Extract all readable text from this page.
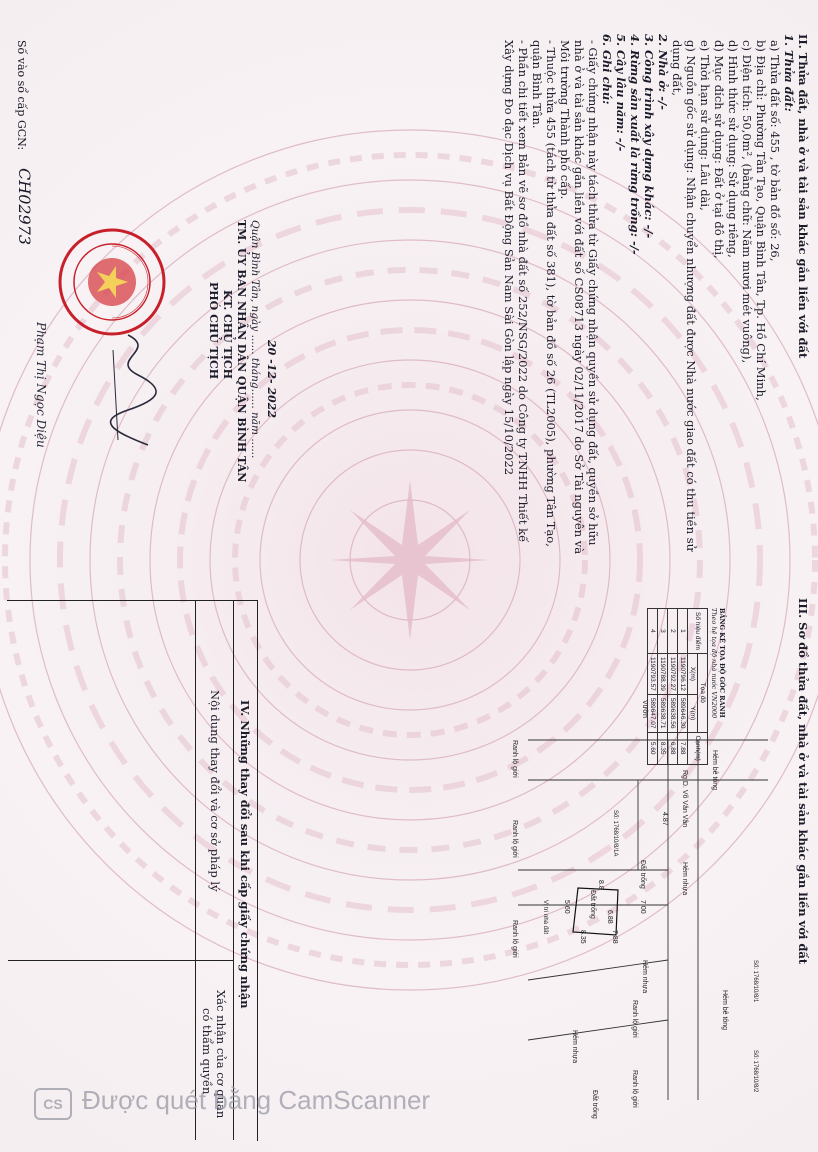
II. Thửa đất, nhà ở và tài sản khác gắn liền với đất
1. Thửa đất:
a) Thửa đất số: 455 , tờ bản đồ số: 26,
b) Địa chỉ: Phường Tân Tạo, Quận Bình Tân, Tp. Hồ Chí Minh,
c) Diện tích: 50,0m², (bằng chữ: Năm mươi mét vuông),
d) Hình thức sử dụng: Sử dụng riêng,
đ) Mục đích sử dụng: Đất ở tại đô thị,
e) Thời hạn sử dụng: Lâu dài,
g) Nguồn gốc sử dụng: Nhận chuyển nhượng đất được Nhà nước giao đất có thu tiền sử
dụng đất,
2. Nhà ở: -/-
3. Công trình xây dựng khác: -/-
4. Rừng sản xuất là rừng trồng: -/-
5. Cây lâu năm: -/-
6. Ghi chú:
- Giấy chứng nhận này tách thửa từ Giấy chứng nhận quyền sử dụng đất, quyền sở hữu
nhà ở và tài sản khác gắn liền với đất số CS08713 ngày 02/11/2017 do Sở Tài nguyên và
Môi trường Thành phố cấp.
- Thuộc thửa 455 (tách từ thửa đất số 381), tờ bản đồ số 26 (TL2005), phường Tân Tạo,
quận Bình Tân.
- Phần chi tiết xem Bản vẽ sơ đồ nhà đất số 252/NSG/2022 do Công ty TNHH Thiết kế
Xây dựng Đo đạc Dịch vụ Bất Động Sản Nam Sài Gòn lập ngày 15/10/2022
20 -12- 2022
Quận Bình Tân, ngày ...... tháng...... năm ......
TM. ỦY BAN NHÂN DÂN QUẬN BÌNH TÂN
KT. CHỦ TỊCH
PHÓ CHỦ TỊCH
Phạm Thị Ngọc Diệu
Số vào sổ cấp GCN:
CH02973
III. Sơ đồ thửa đất, nhà ở và tài sản khác gắn liền với đất
Rg D. Võ Văn Vân
Hẻm nhựa
Hẻm bê tông
Hẻm bê tông
Ranh lộ giới
Ranh lộ giới
Ranh lộ giới
Ranh lộ giới
Ranh lộ giới
Hẻm nhựa
Hẻm nhựa
Đất trống
Đất trống
Đất trống
Số: 1768/10/8/2
Số: 1768/10/8/1
Số: 1768/10/8/1A
Vị trí nhà đất
Vườn
7.00
7.88
8.35
5.60
6.88
4.87
8.8
BẢNG KÊ TỌA ĐỘ GÓC RANH
Theo hệ tọa độ nhà nước VN2000
Số hiệu điểm	Tọa độ		Cạnh(m)
	X(m)	Y(m)	
1	1190796.12	589646.30	7.88
2	1190792.27	589638.56	6.88
3	1190788.39	589638.71	8.35
4	1190793.57	589647.07	5.60
IV. Những thay đổi sau khi cấp giấy chứng nhận
Nội dung thay đổi và cơ sở pháp lý
Xác nhận của cơ quan
có thẩm quyền
CS Được quét bằng CamScanner
